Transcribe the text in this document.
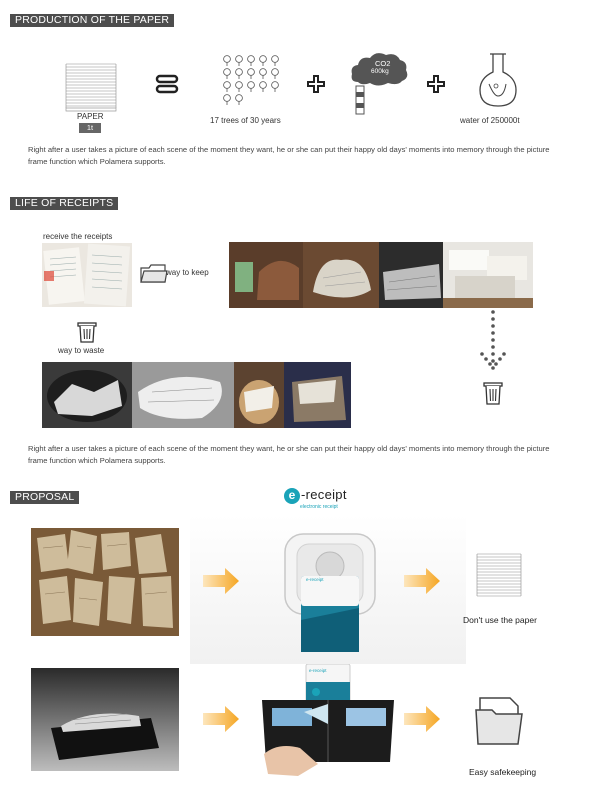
PRODUCTION OF THE PAPER
PAPER
1t
17 trees of 30 years
CO2
600kg
water of 250000t
Right after a user takes a picture of each scene of the moment they want, he or she can put their happy old days' moments into memory through the picture frame function which Polamera supports.
LIFE OF RECEIPTS
receive the receipts
way to keep
way to waste
Right after a user takes a picture of each scene of the moment they want, he or she can put their happy old days' moments into memory through the picture frame function which Polamera supports.
PROPOSAL	e -receipt
electronic receipt
e-receipt
Don't use the paper
e-receipt
Easy safekeeping
